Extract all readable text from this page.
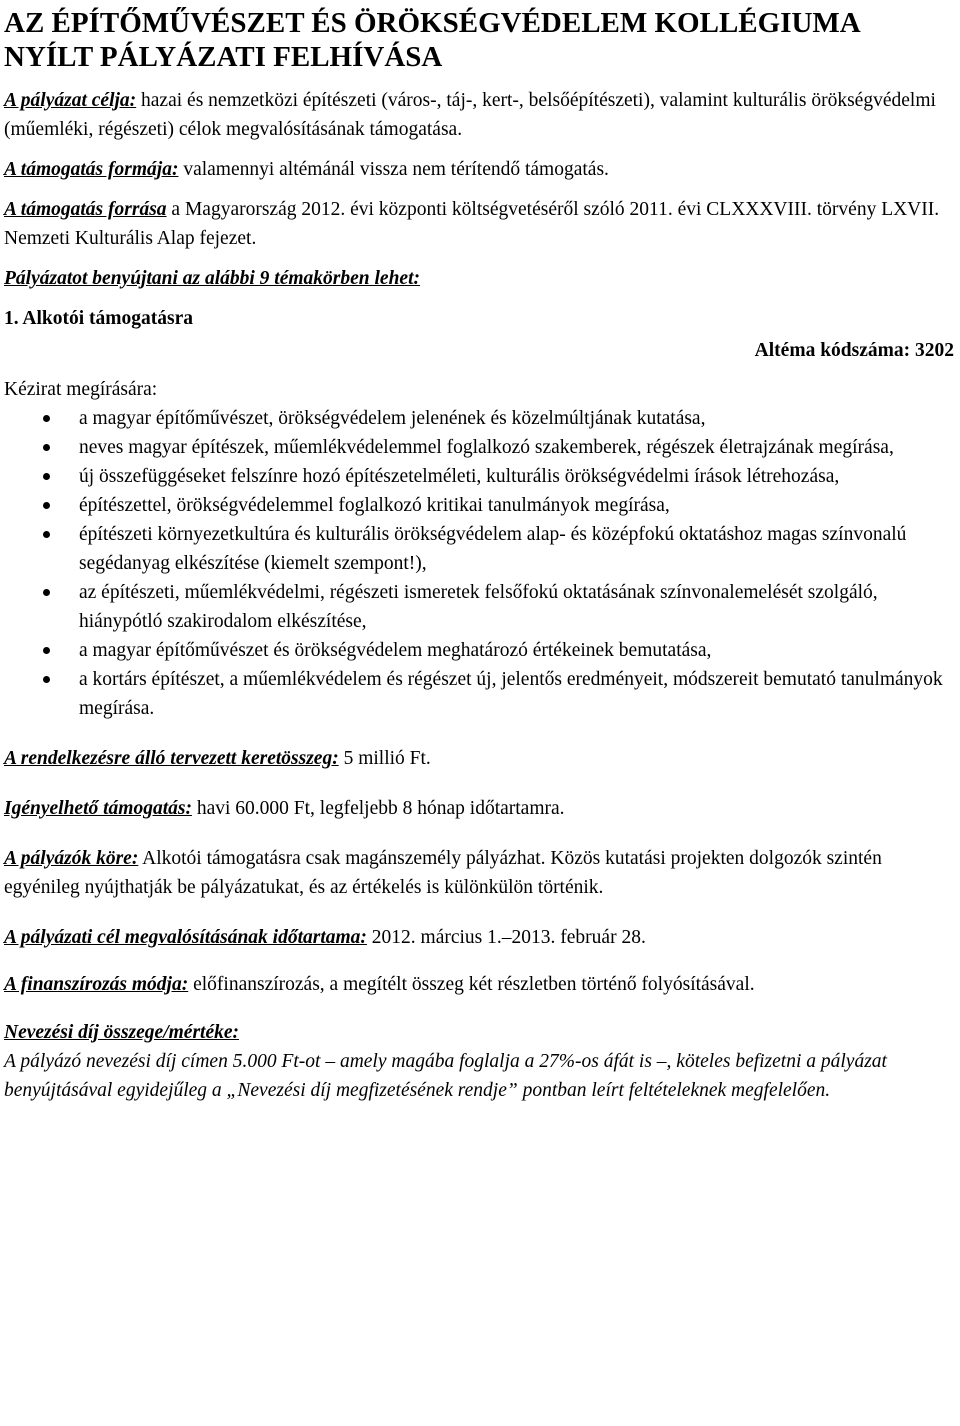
AZ ÉPÍTŐMŰVÉSZET ÉS ÖRÖKSÉGVÉDELEM KOLLÉGIUMA
NYÍLT PÁLYÁZATI FELHÍVÁSA

A pályázat célja: hazai és nemzetközi építészeti (város-, táj-, kert-, belsőépítészeti), valamint kulturális örökségvédelmi (műemléki, régészeti) célok megvalósításának támogatása.

A támogatás formája: valamennyi altémánál vissza nem térítendő támogatás.

A támogatás forrása a Magyarország 2012. évi központi költségvetéséről szóló 2011. évi CLXXXVIII. törvény LXVII. Nemzeti Kulturális Alap fejezet.

Pályázatot benyújtani az alábbi 9 témakörben lehet:

1. Alkotói támogatásra

Altéma kódszáma: 3202

Kézirat megírására:

a magyar építőművészet, örökségvédelem jelenének és közelmúltjának kutatása,
neves magyar építészek, műemlékvédelemmel foglalkozó szakemberek, régészek életrajzának megírása,
új összefüggéseket felszínre hozó építészetelméleti, kulturális örökségvédelmi írások létrehozása,
építészettel, örökségvédelemmel foglalkozó kritikai tanulmányok megírása,
építészeti környezetkultúra és kulturális örökségvédelem alap- és középfokú oktatáshoz magas színvonalú segédanyag elkészítése (kiemelt szempont!),
az építészeti, műemlékvédelmi, régészeti ismeretek felsőfokú oktatásának színvonalemelését szolgáló, hiánypótló szakirodalom elkészítése,
a magyar építőművészet és örökségvédelem meghatározó értékeinek bemutatása,
a kortárs építészet, a műemlékvédelem és régészet új, jelentős eredményeit, módszereit bemutató tanulmányok megírása.

A rendelkezésre álló tervezett keretösszeg: 5 millió Ft.

Igényelhető támogatás: havi 60.000 Ft, legfeljebb 8 hónap időtartamra.

A pályázók köre: Alkotói támogatásra csak magánszemély pályázhat. Közös kutatási projekten dolgozók szintén egyénileg nyújthatják be pályázatukat, és az értékelés is különkülön történik.

A pályázati cél megvalósításának időtartama: 2012. március 1.–2013. február 28.

A finanszírozás módja: előfinanszírozás, a megítélt összeg két részletben történő folyósításával.

Nevezési díj összege/mértéke:

A pályázó nevezési díj címen 5.000 Ft-ot – amely magába foglalja a 27%-os áfát is –, köteles befizetni a pályázat benyújtásával egyidejűleg a „Nevezési díj megfizetésének rendje” pontban leírt feltételeknek megfelelően.
